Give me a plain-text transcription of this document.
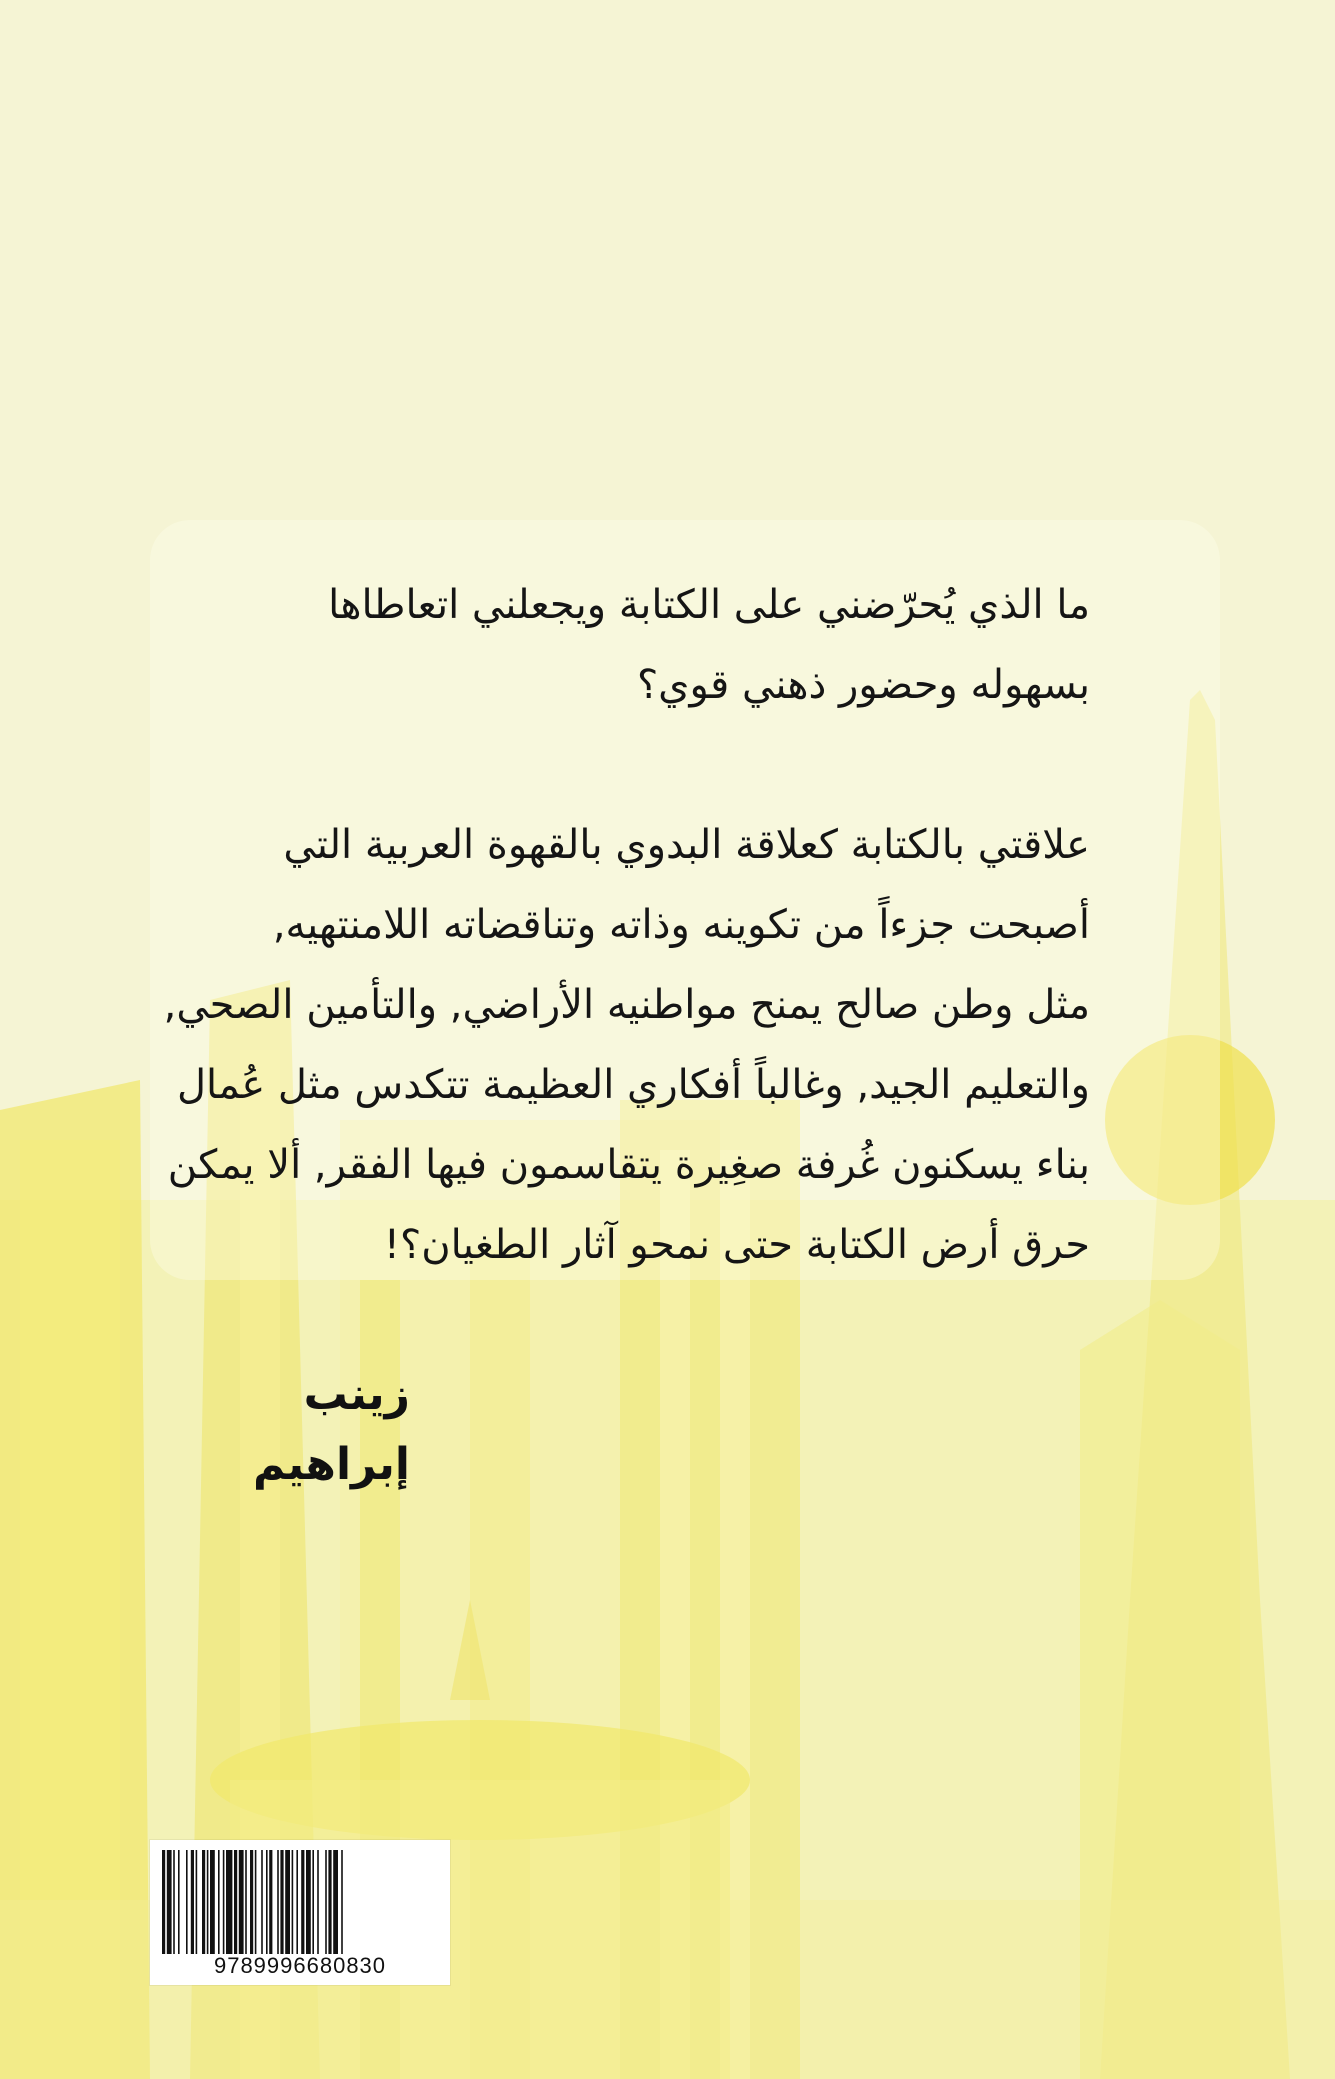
ما الذي يُحرّضني على الكتابة ويجعلني اتعاطاها
بسهوله وحضور ذهني قوي؟
علاقتي بالكتابة كعلاقة البدوي بالقهوة العربية التي
أصبحت جزءاً من تكوينه وذاته وتناقضاته اللامنتهيه,
مثل وطن صالح يمنح مواطنيه الأراضي, والتأمين الصحي,
والتعليم الجيد, وغالباً أفكاري العظيمة تتكدس مثل عُمال
بناء يسكنون غُرفة صغِيرة يتقاسمون فيها الفقر, ألا يمكن
حرق أرض الكتابة حتى نمحو آثار الطغيان؟!
زينب إبراهيم
9789996680830
